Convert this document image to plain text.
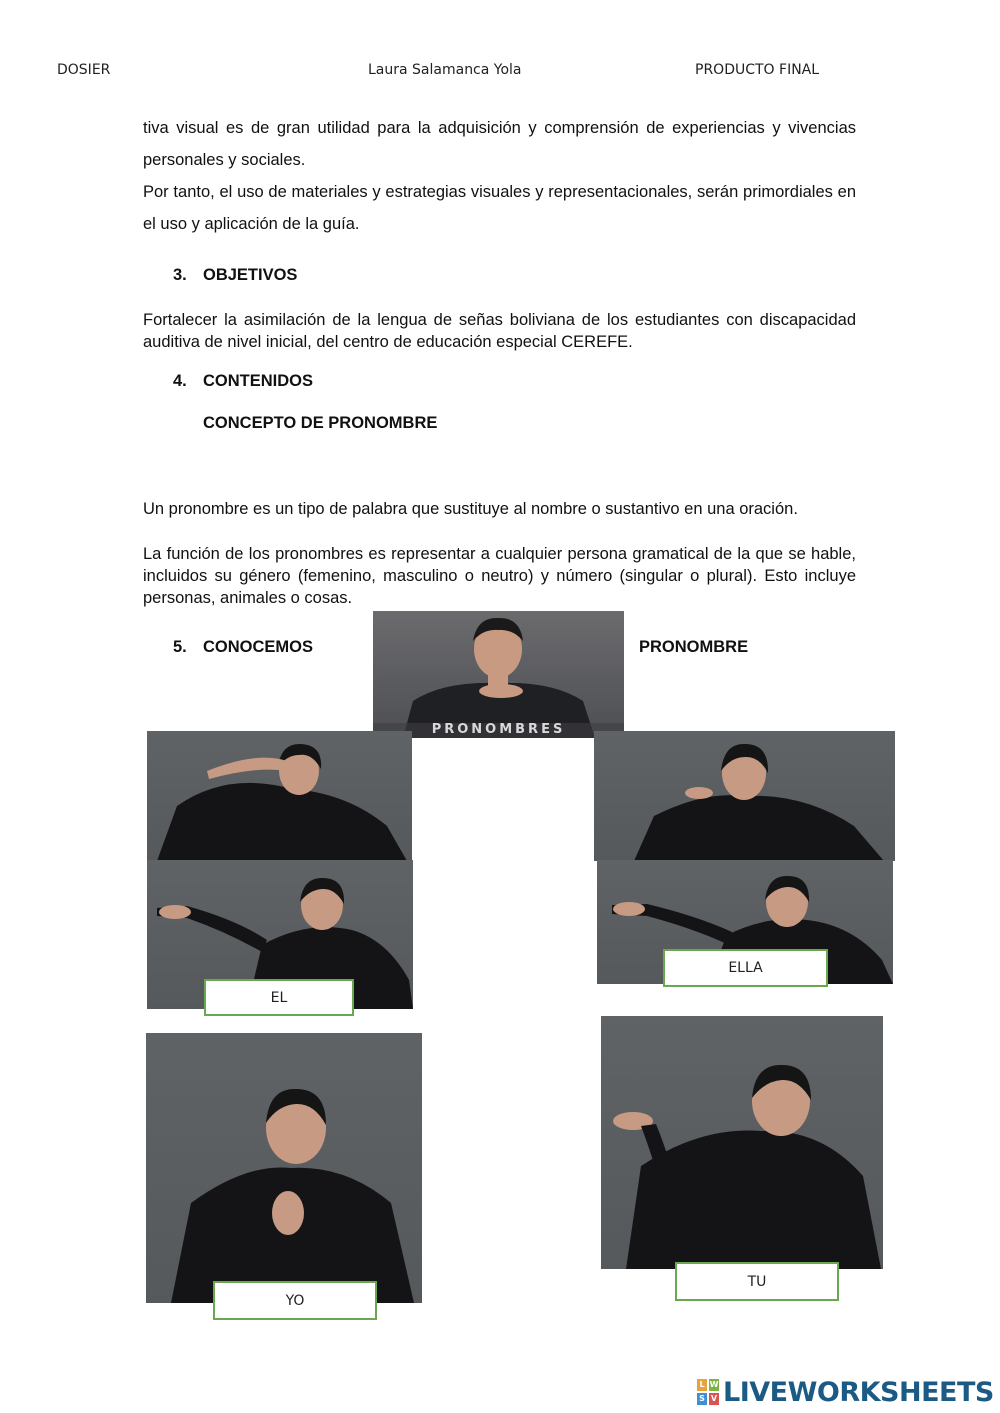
DOSIER	Laura Salamanca Yola	PRODUCTO FINAL
tiva visual es de gran utilidad para la adquisición y comprensión de experiencias y vivencias personales y sociales.
Por tanto, el uso de materiales y estrategias visuales y representacionales, serán primordiales en el uso y aplicación de la guía.
3. OBJETIVOS
Fortalecer la asimilación de la lengua de señas boliviana de los estudiantes con discapacidad auditiva de nivel inicial, del centro de educación especial CEREFE.
4. CONTENIDOS
CONCEPTO DE PRONOMBRE
Un pronombre es un tipo de palabra que sustituye al nombre o sustantivo en una oración.
La función de los pronombres es representar a cualquier persona gramatical de la que se hable, incluidos su género (femenino, masculino o neutro) y número (singular o plural). Esto incluye personas, animales o cosas.
5. CONOCEMOS	PRONOMBRE
PRONOMBRES
EL
ELLA
YO
TU
L W
S V LIVEWORKSHEETS
